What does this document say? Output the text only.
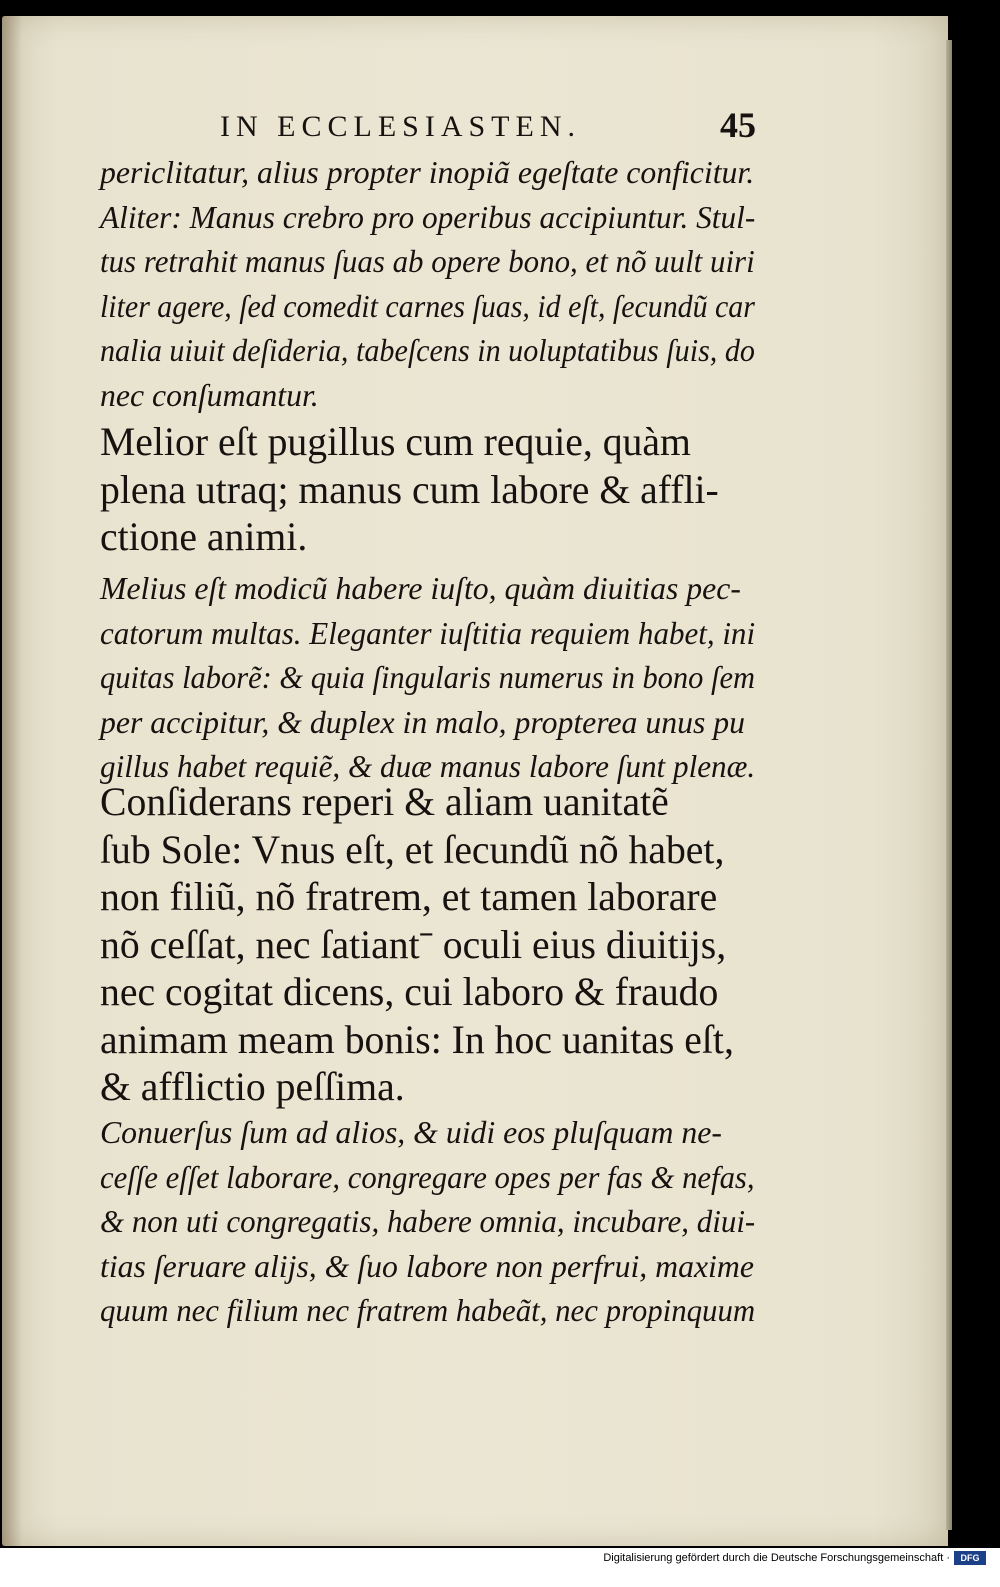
IN ECCLESIASTEN.	45
periclitatur, alius propter inopiã egeſtate conficitur.
Aliter: Manus crebro pro operibus accipiuntur. Stul-
tus retrahit manus ſuas ab opere bono, et nõ uult uiri
liter agere, ſed comedit carnes ſuas, id eſt, ſecundũ car
nalia uiuit deſideria, tabeſcens in uoluptatibus ſuis, do
nec conſumantur.
Melior eſt pugillus cum requie, quàm
plena utraq; manus cum labore & affli-
ctione animi.
Melius eſt modicũ habere iuſto, quàm diuitias pec-
catorum multas. Eleganter iuſtitia requiem habet, ini
quitas laborẽ: & quia ſingularis numerus in bono ſem
per accipitur, & duplex in malo, propterea unus pu
gillus habet requiẽ, & duæ manus labore ſunt plenæ.
Conſiderans reperi & aliam uanitatẽ
ſub Sole: Vnus eſt, et ſecundũ nõ habet,
non filiũ, nõ fratrem, et tamen laborare
nõ ceſſat, nec ſatiantˉ oculi eius diuitijs,
nec cogitat dicens, cui laboro & fraudo
animam meam bonis: In hoc uanitas eſt,
& afflictio peſſima.
Conuerſus ſum ad alios, & uidi eos pluſquam ne-
ceſſe eſſet laborare, congregare opes per fas & nefas,
& non uti congregatis, habere omnia, incubare, diui-
tias ſeruare alijs, & ſuo labore non perfrui, maxime
quum nec filium nec fratrem habeãt, nec propinquum
Digitalisierung gefördert durch die Deutsche Forschungsgemeinschaft ·	DFG
